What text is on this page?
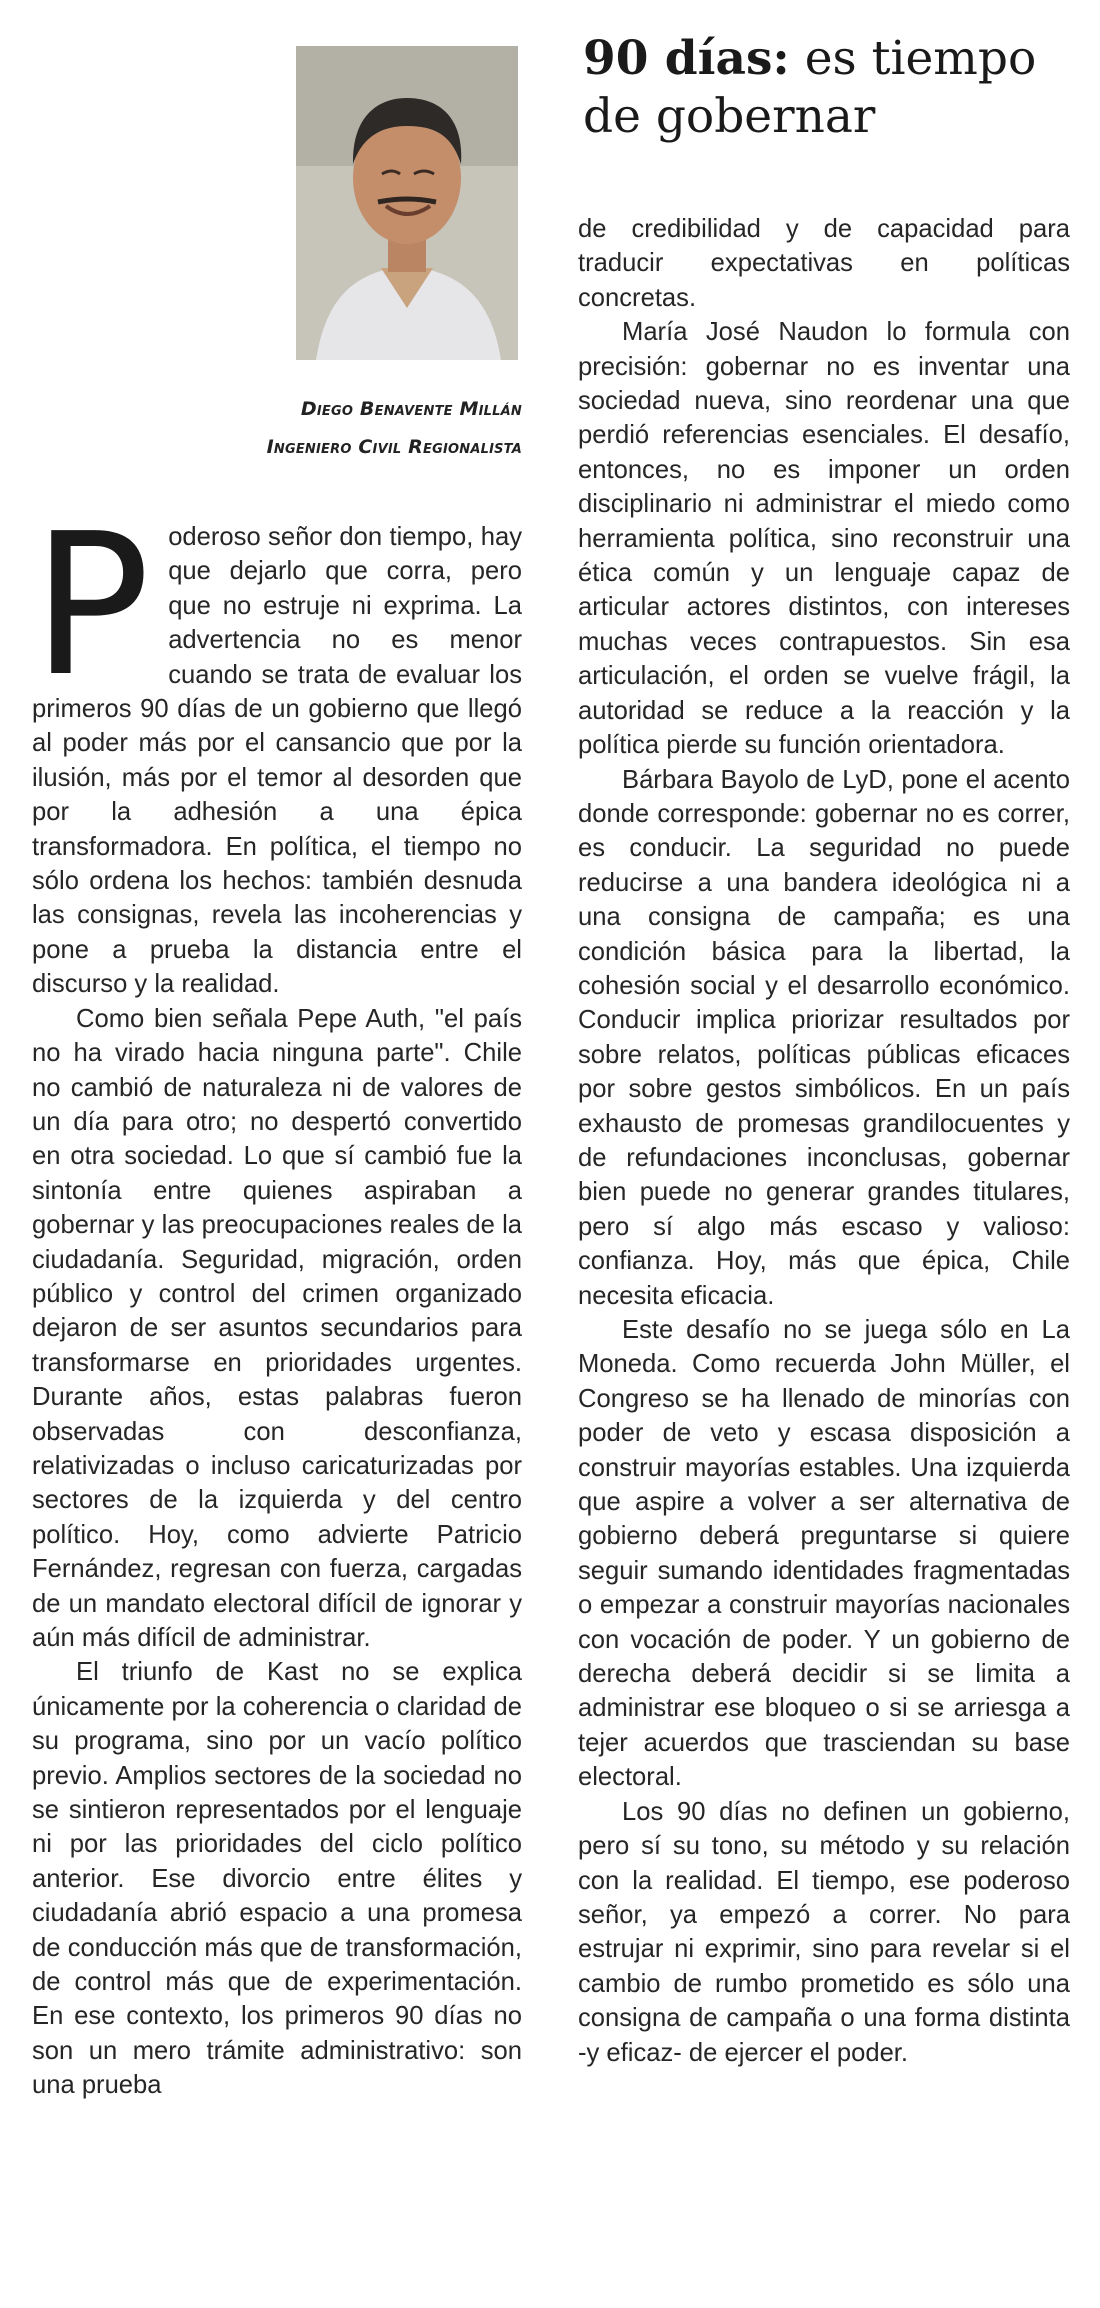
Diego Benavente Millán
Ingeniero Civil Regionalista
90 días: es tiempo de gobernar

Poderoso señor don tiempo, hay que dejarlo que corra, pero que no estruje ni exprima. La advertencia no es menor cuando se trata de evaluar los primeros 90 días de un gobierno que llegó al poder más por el cansancio que por la ilusión, más por el temor al desorden que por la adhesión a una épica transformadora. En política, el tiempo no sólo ordena los hechos: también desnuda las consignas, revela las incoherencias y pone a prueba la distancia entre el discurso y la realidad.

Como bien señala Pepe Auth, "el país no ha virado hacia ninguna parte". Chile no cambió de naturaleza ni de valores de un día para otro; no despertó convertido en otra sociedad. Lo que sí cambió fue la sintonía entre quienes aspiraban a gobernar y las preocupaciones reales de la ciudadanía. Seguridad, migración, orden público y control del crimen organizado dejaron de ser asuntos secundarios para transformarse en prioridades urgentes. Durante años, estas palabras fueron observadas con desconfianza, relativizadas o incluso caricaturizadas por sectores de la izquierda y del centro político. Hoy, como advierte Patricio Fernández, regresan con fuerza, cargadas de un mandato electoral difícil de ignorar y aún más difícil de administrar.

El triunfo de Kast no se explica únicamente por la coherencia o claridad de su programa, sino por un vacío político previo. Amplios sectores de la sociedad no se sintieron representados por el lenguaje ni por las prioridades del ciclo político anterior. Ese divorcio entre élites y ciudadanía abrió espacio a una promesa de conducción más que de transformación, de control más que de experimentación. En ese contexto, los primeros 90 días no son un mero trámite administrativo: son una prueba

de credibilidad y de capacidad para traducir expectativas en políticas concretas.

María José Naudon lo formula con precisión: gobernar no es inventar una sociedad nueva, sino reordenar una que perdió referencias esenciales. El desafío, entonces, no es imponer un orden disciplinario ni administrar el miedo como herramienta política, sino reconstruir una ética común y un lenguaje capaz de articular actores distintos, con intereses muchas veces contrapuestos. Sin esa articulación, el orden se vuelve frágil, la autoridad se reduce a la reacción y la política pierde su función orientadora.

Bárbara Bayolo de LyD, pone el acento donde corresponde: gobernar no es correr, es conducir. La seguridad no puede reducirse a una bandera ideológica ni a una consigna de campaña; es una condición básica para la libertad, la cohesión social y el desarrollo económico. Conducir implica priorizar resultados por sobre relatos, políticas públicas eficaces por sobre gestos simbólicos. En un país exhausto de promesas grandilocuentes y de refundaciones inconclusas, gobernar bien puede no generar grandes titulares, pero sí algo más escaso y valioso: confianza. Hoy, más que épica, Chile necesita eficacia.

Este desafío no se juega sólo en La Moneda. Como recuerda John Müller, el Congreso se ha llenado de minorías con poder de veto y escasa disposición a construir mayorías estables. Una izquierda que aspire a volver a ser alternativa de gobierno deberá preguntarse si quiere seguir sumando identidades fragmentadas o empezar a construir mayorías nacionales con vocación de poder. Y un gobierno de derecha deberá decidir si se limita a administrar ese bloqueo o si se arriesga a tejer acuerdos que trasciendan su base electoral.

Los 90 días no definen un gobierno, pero sí su tono, su método y su relación con la realidad. El tiempo, ese poderoso señor, ya empezó a correr. No para estrujar ni exprimir, sino para revelar si el cambio de rumbo prometido es sólo una consigna de campaña o una forma distinta -y eficaz- de ejercer el poder.
